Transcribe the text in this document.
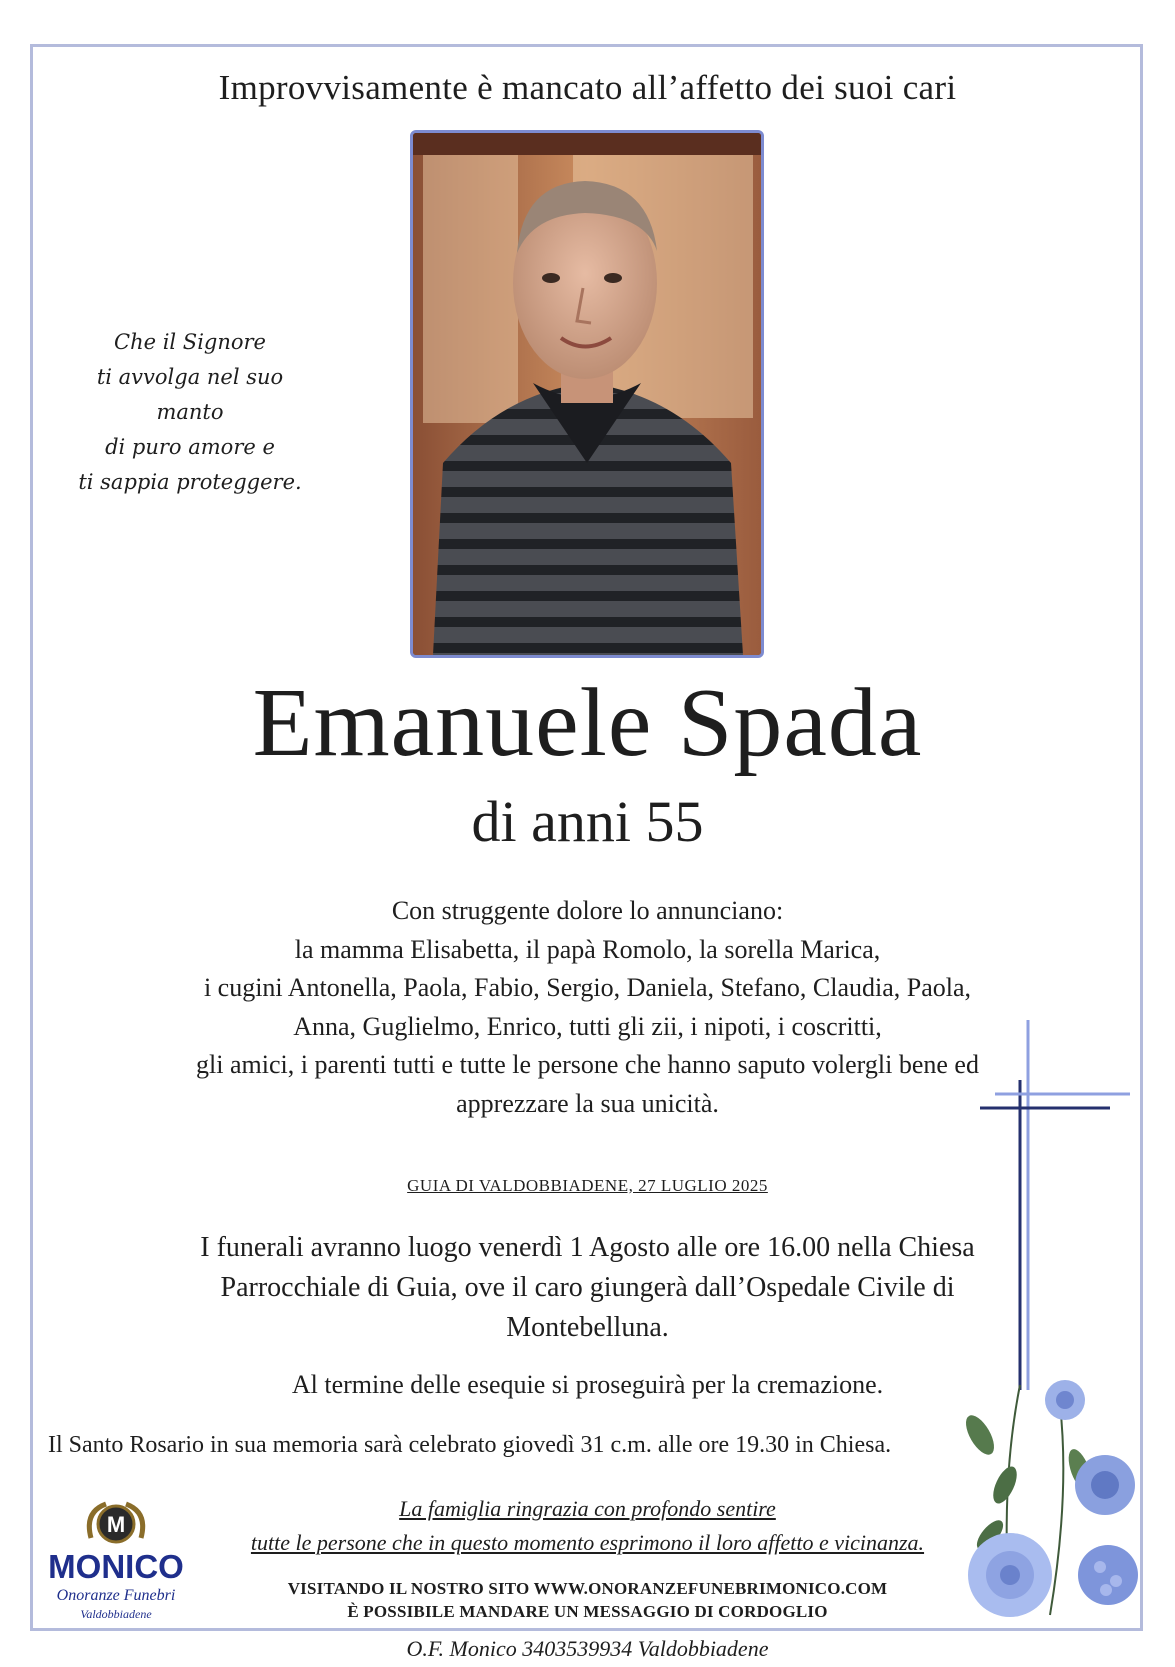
Improvvisamente è mancato all’affetto dei suoi cari
Che il Signore
ti avvolga nel suo manto
di puro amore e
ti sappia proteggere.
Emanuele Spada
di anni 55
Con struggente dolore lo annunciano:
la mamma Elisabetta, il papà Romolo, la sorella Marica,
i cugini Antonella, Paola, Fabio, Sergio, Daniela, Stefano, Claudia, Paola,
Anna, Guglielmo, Enrico, tutti gli zii, i nipoti, i coscritti,
gli amici, i parenti tutti e tutte le persone che hanno saputo volergli bene ed
apprezzare la sua unicità.
GUIA DI VALDOBBIADENE, 27 LUGLIO 2025
I funerali avranno luogo venerdì 1 Agosto alle ore 16.00 nella Chiesa
Parrocchiale di Guia, ove il caro giungerà dall’Ospedale Civile di
Montebelluna.
Al termine delle esequie si proseguirà per la cremazione.
Il Santo Rosario in sua memoria sarà celebrato giovedì 31 c.m. alle ore 19.30 in Chiesa.
La famiglia ringrazia con profondo sentire
tutte le persone che in questo momento esprimono il loro affetto e vicinanza.
VISITANDO IL NOSTRO SITO WWW.ONORANZEFUNEBRIMONICO.COM
È POSSIBILE MANDARE UN MESSAGGIO DI CORDOGLIO
O.F. Monico 3403539934 Valdobbiadene
M
MONICO
Onoranze Funebri
Valdobbiadene
